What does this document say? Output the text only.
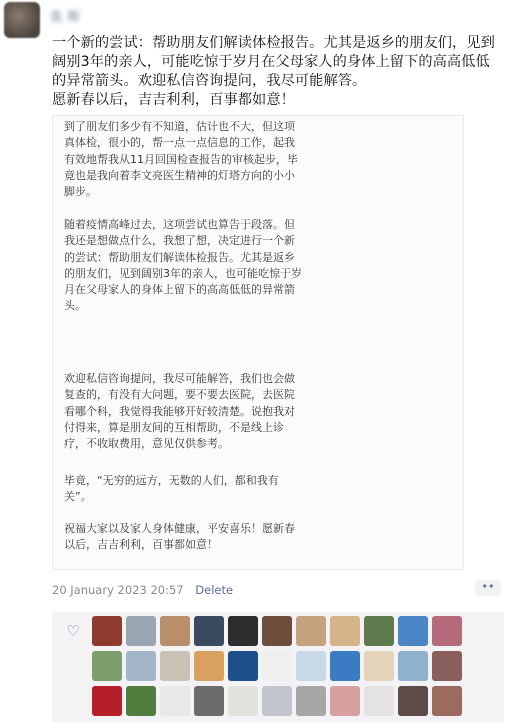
张 斯

一个新的尝试：帮助朋友们解读体检报告。尤其是返乡的朋友们，见到阔别3年的亲人，可能吃惊于岁月在父母家人的身体上留下的高高低低的异常箭头。欢迎私信咨询提问，我尽可能解答。

愿新春以后，吉吉利利，百事都如意！

到了朋友们多少有不知道，估计也不大，但这项真体检，很小的，帮一点一点信息的工作，起我有效地帮我从11月回国检查报告的审核起步，毕竟也是我向着李文亮医生精神的灯塔方向的小小脚步。

随着疫情高峰过去，这项尝试也算告于段落。但我还是想做点什么，我想了想，决定进行一个新的尝试：帮助朋友们解读体检报告。尤其是返乡的朋友们，见到阔别3年的亲人，也可能吃惊于岁月在父母家人的身体上留下的高高低低的异常箭头。

欢迎私信咨询提问，我尽可能解答，我们也会做复查的，有没有大问题，要不要去医院，去医院看哪个科，我觉得我能够开好较清楚。说抱我对付得来，算是朋友间的互相帮助，不是线上诊疗，不收取费用，意见仅供参考。

毕竟，“无穷的远方，无数的人们，都和我有关”。

祝福大家以及家人身体健康，平安喜乐！愿新春以后，吉吉利利，百事都如意！

20 January 2023 20:57 Delete	••
♡
